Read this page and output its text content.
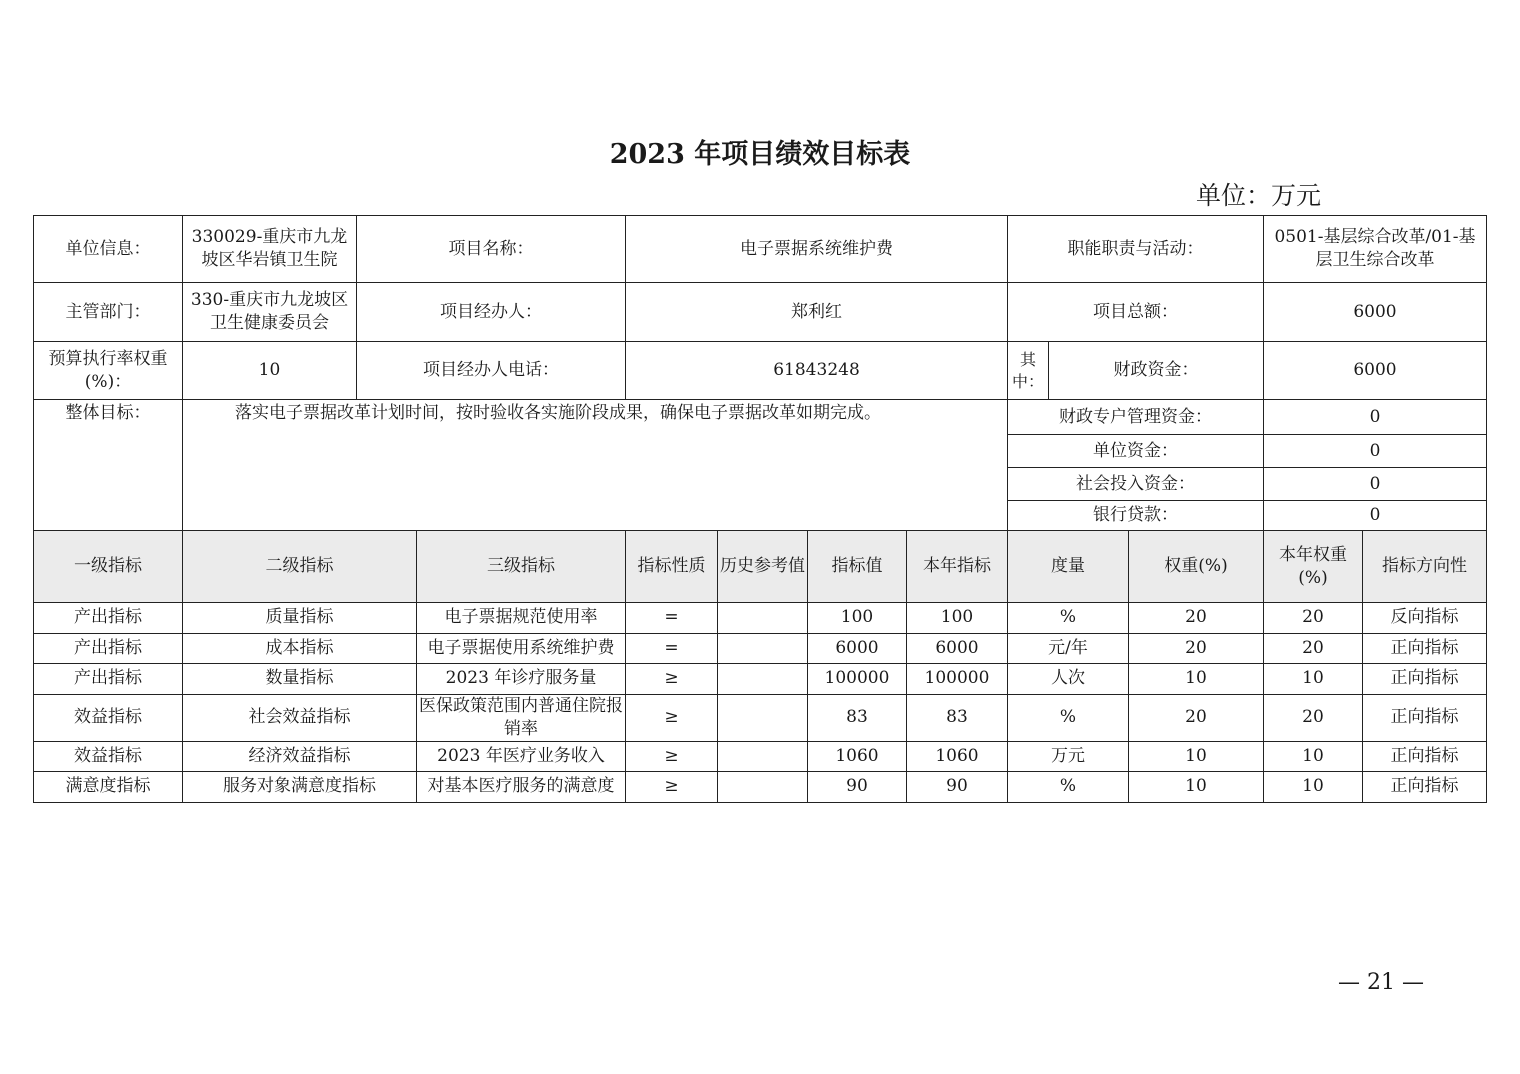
2023 年项目绩效目标表
单位：万元
单位信息：	330029-重庆市九龙坡区华岩镇卫生院	项目名称：		电子票据系统维护费				职能职责与活动：			0501-基层综合改革/01-基层卫生综合改革	
主管部门：	330-重庆市九龙坡区卫生健康委员会	项目经办人：		郑利红				项目总额：			6000	
预算执行率权重(%)：	10	项目经办人电话：		61843248				其中：	财政资金：		6000	
整体目标：	落实电子票据改革计划时间，按时验收各实施阶段成果，确保电子票据改革如期完成。							财政专户管理资金：			0	
								单位资金：			0	
								社会投入资金：			0	
								银行贷款：			0	
一级指标	二级指标		三级指标	指标性质	历史参考值	指标值	本年指标	度量		权重(%)	本年权重(%)	指标方向性
产出指标	质量指标		电子票据规范使用率	=		100	100	%		20	20	反向指标
产出指标	成本指标		电子票据使用系统维护费	=		6000	6000	元/年		20	20	正向指标
产出指标	数量指标		2023 年诊疗服务量	≥		100000	100000	人次		10	10	正向指标
效益指标	社会效益指标		医保政策范围内普通住院报销率	≥		83	83	%		20	20	正向指标
效益指标	经济效益指标		2023 年医疗业务收入	≥		1060	1060	万元		10	10	正向指标
满意度指标	服务对象满意度指标		对基本医疗服务的满意度	≥		90	90	%		10	10	正向指标
— 21 —
